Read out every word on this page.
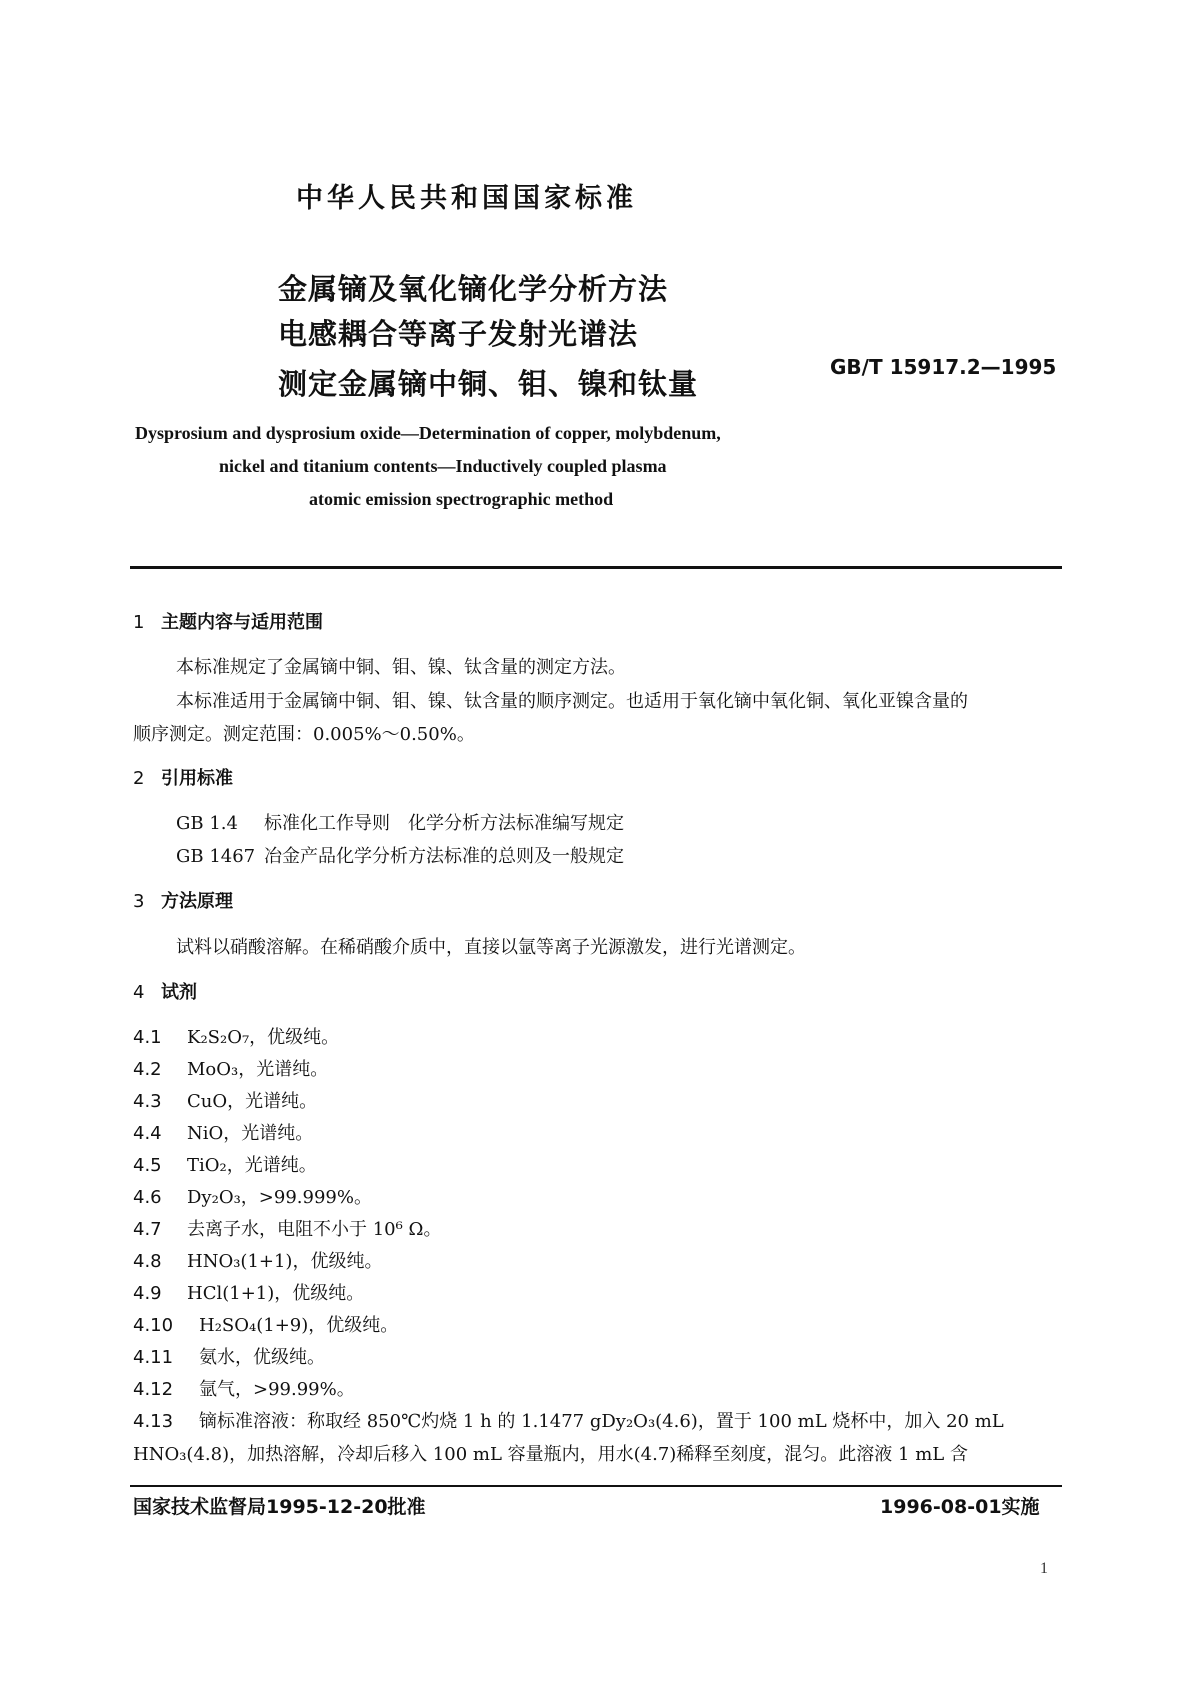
中华人民共和国国家标准
金属镝及氧化镝化学分析方法
电感耦合等离子发射光谱法
测定金属镝中铜、钼、镍和钛量	GB/T 15917.2—1995
Dysprosium and dysprosium oxide—Determination of copper, molybdenum,
nickel and titanium contents—Inductively coupled plasma
atomic emission spectrographic method
1 主题内容与适用范围
本标准规定了金属镝中铜、钼、镍、钛含量的测定方法。
本标准适用于金属镝中铜、钼、镍、钛含量的顺序测定。也适用于氧化镝中氧化铜、氧化亚镍含量的
顺序测定。测定范围：0.005%～0.50%。
2 引用标准
GB 1.4 标准化工作导则　化学分析方法标准编写规定
GB 1467 冶金产品化学分析方法标准的总则及一般规定
3 方法原理
试料以硝酸溶解。在稀硝酸介质中，直接以氩等离子光源激发，进行光谱测定。
4 试剂
4.1 K₂S₂O₇，优级纯。
4.2 MoO₃，光谱纯。
4.3 CuO，光谱纯。
4.4 NiO，光谱纯。
4.5 TiO₂，光谱纯。
4.6 Dy₂O₃，>99.999%。
4.7 去离子水，电阻不小于 10⁶ Ω。
4.8 HNO₃(1+1)，优级纯。
4.9 HCl(1+1)，优级纯。
4.10 H₂SO₄(1+9)，优级纯。
4.11 氨水，优级纯。
4.12 氩气，>99.99%。
4.13 镝标准溶液：称取经 850℃灼烧 1 h 的 1.1477 gDy₂O₃(4.6)，置于 100 mL 烧杯中，加入 20 mL
HNO₃(4.8)，加热溶解，冷却后移入 100 mL 容量瓶内，用水(4.7)稀释至刻度，混匀。此溶液 1 mL 含
国家技术监督局1995-12-20批准	1996-08-01实施
1
